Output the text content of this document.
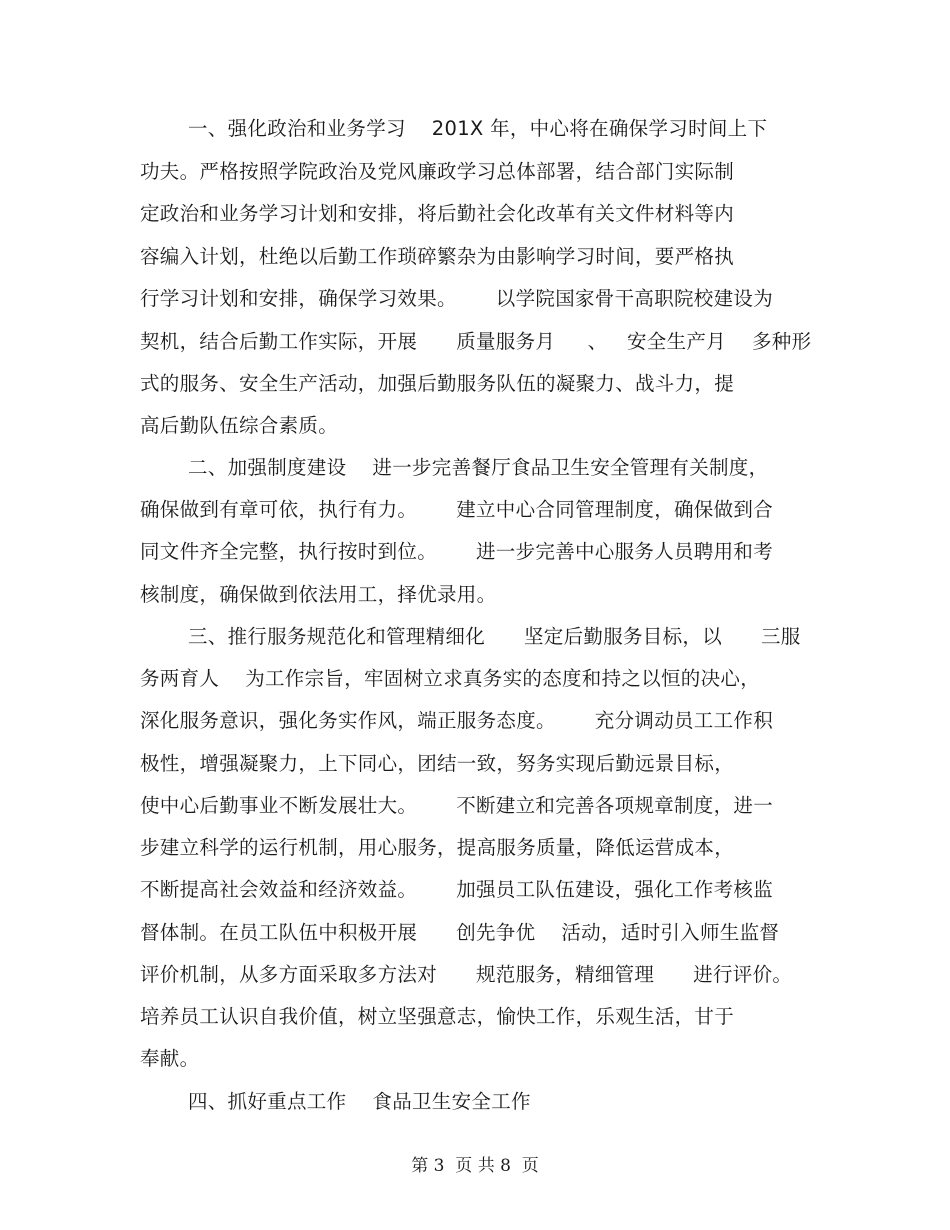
一、强化政治和业务学习    201X 年，中心将在确保学习时间上下
功夫。严格按照学院政治及党风廉政学习总体部署，结合部门实际制
定政治和业务学习计划和安排，将后勤社会化改革有关文件材料等内
容编入计划，杜绝以后勤工作琐碎繁杂为由影响学习时间，要严格执
行学习计划和安排，确保学习效果。      以学院国家骨干高职院校建设为
契机，结合后勤工作实际，开展      质量服务月     、   安全生产月    多种形
式的服务、安全生产活动，加强后勤服务队伍的凝聚力、战斗力，提
高后勤队伍综合素质。
二、加强制度建设    进一步完善餐厅食品卫生安全管理有关制度，
确保做到有章可依，执行有力。      建立中心合同管理制度，确保做到合
同文件齐全完整，执行按时到位。      进一步完善中心服务人员聘用和考
核制度，确保做到依法用工，择优录用。
三、推行服务规范化和管理精细化      坚定后勤服务目标，以      三服
务两育人    为工作宗旨，牢固树立求真务实的态度和持之以恒的决心，
深化服务意识，强化务实作风，端正服务态度。      充分调动员工工作积
极性，增强凝聚力，上下同心，团结一致，努务实现后勤远景目标，
使中心后勤事业不断发展壮大。      不断建立和完善各项规章制度，进一
步建立科学的运行机制，用心服务，提高服务质量，降低运营成本，
不断提高社会效益和经济效益。      加强员工队伍建设，强化工作考核监
督体制。在员工队伍中积极开展      创先争优    活动，适时引入师生监督
评价机制，从多方面采取多方法对      规范服务，精细管理      进行评价。
培养员工认识自我价值，树立坚强意志，愉快工作，乐观生活，甘于
奉献。
四、抓好重点工作    食品卫生安全工作
第 3  页 共 8  页
